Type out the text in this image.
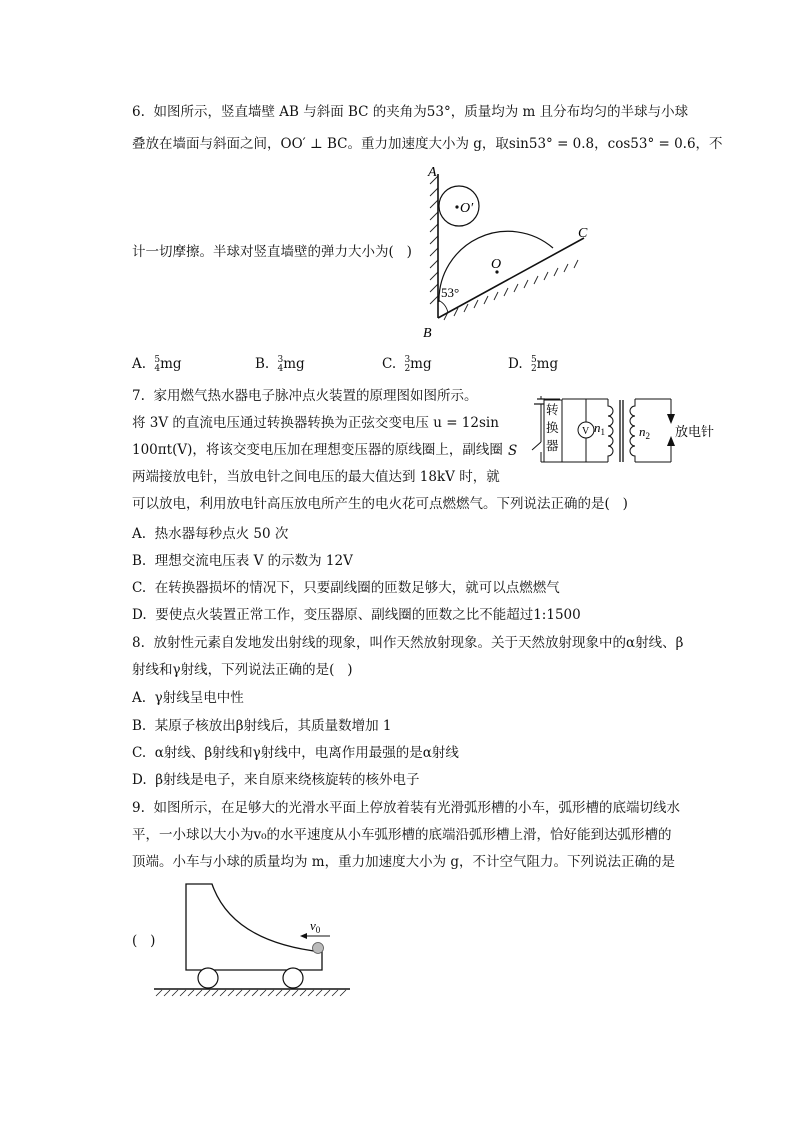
6.  如图所示，竖直墙壁 AB 与斜面 BC 的夹角为53°，质量均为 m 且分布均匀的半球与小球
叠放在墙面与斜面之间，OO′ ⊥ BC。重力加速度大小为 g，取sin53° = 0.8，cos53° = 0.6，不
计一切摩擦。半球对竖直墙壁的弹力大小为(   )
A
B
C
O
O′
53°
A. 5
4 mg	B. 3
4 mg	C. 3
2 mg	D. 5
2 mg
7.  家用燃气热水器电子脉冲点火装置的原理图如图所示。
将 3V 的直流电压通过转换器转换为正弦交变电压 u = 12sin
100πt(V)，将该交变电压加在理想变压器的原线圈上，副线圈
两端接放电针，当放电针之间电压的最大值达到 18kV 时，就
可以放电，利用放电针高压放电所产生的电火花可点燃燃气。下列说法正确的是(   )
转
换
器
V $n_1$	$n_2$ 放电针
S
A.  热水器每秒点火 50 次
B.  理想交流电压表 V 的示数为 12V
C.  在转换器损坏的情况下，只要副线圈的匝数足够大，就可以点燃燃气
D.  要使点火装置正常工作，变压器原、副线圈的匝数之比不能超过1:1500
8.  放射性元素自发地发出射线的现象，叫作天然放射现象。关于天然放射现象中的α射线、β
射线和γ射线，下列说法正确的是(   )
A.  γ射线呈电中性
B.  某原子核放出β射线后，其质量数增加 1
C.  α射线、β射线和γ射线中，电离作用最强的是α射线
D.  β射线是电子，来自原来绕核旋转的核外电子
9.  如图所示，在足够大的光滑水平面上停放着装有光滑弧形槽的小车，弧形槽的底端切线水
平，一小球以大小为v₀的水平速度从小车弧形槽的底端沿弧形槽上滑，恰好能到达弧形槽的
顶端。小车与小球的质量均为 m，重力加速度大小为 g，不计空气阻力。下列说法正确的是
(   )
$v_0$
